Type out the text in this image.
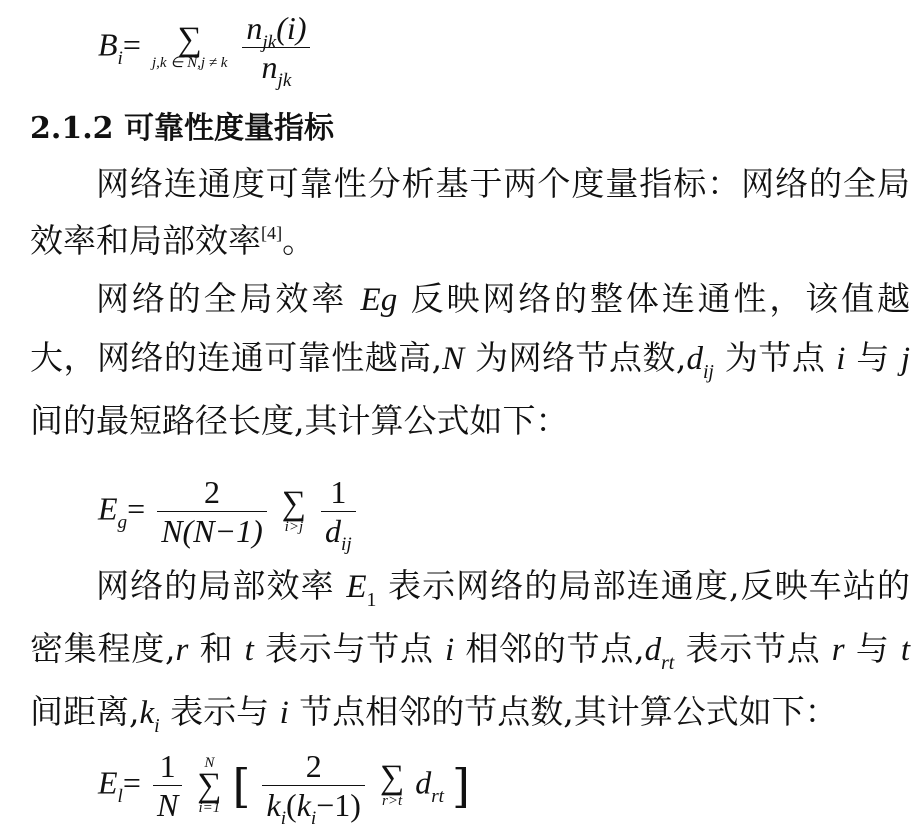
$B_i=$	∑
j,k ∈ N,j ≠ k
$\frac{n_{jk}(i)}{n_{jk}}$
2.1.2 可靠性度量指标
网络连通度可靠性分析基于两个度量指标：网络的全局效率和局部效率[4]。
网络的全局效率 Eg 反映网络的整体连通性，该值越大，网络的连通可靠性越高,N 为网络节点数$,d_{ij}$ 为节点 i 与 j 间的最短路径长度,其计算公式如下：
$E_g= \frac{2}{N(N-1)}$
∑
i>j
$\frac{1}{d_{ij}}$
网络的局部效率 $E_1$ 表示网络的局部连通度,反映车站的密集程度,r 和 t 表示与节点 i 相邻的节点$,d_{rt}$ 表示节点 r 与 t 间距离$,k_i$ 表示与 i 节点相邻的节点数,其计算公式如下：
$E_l= \frac{1}{N}$
	N
∑
i=1 [ $\frac{2}{k_i(k_i-1)}$
∑
r>t
$d_{rt}$ ]
